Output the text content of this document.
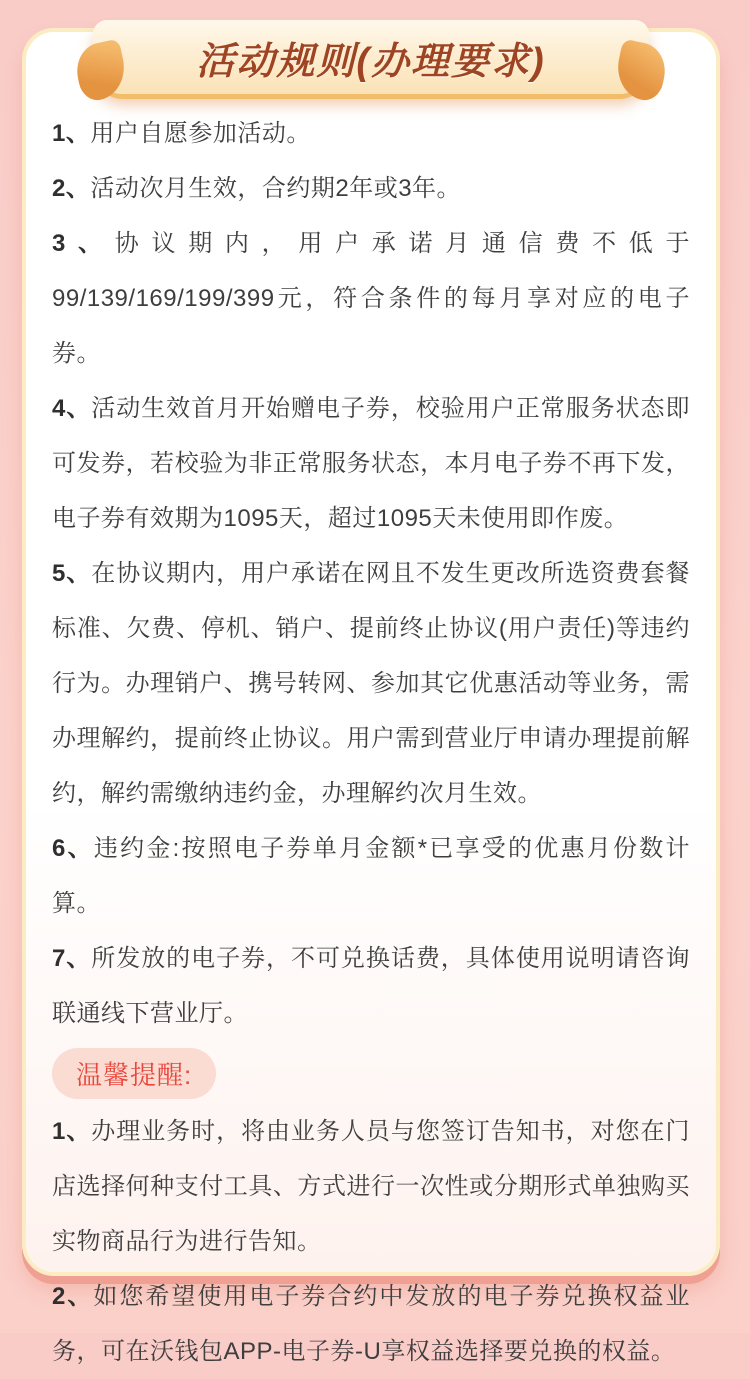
活动规则(办理要求)

1、用户自愿参加活动。

2、活动次月生效，合约期2年或3年。

3、协议期内，用户承诺月通信费不低于99/139/169/199/399元，符合条件的每月享对应的电子券。

4、活动生效首月开始赠电子券，校验用户正常服务状态即可发券，若校验为非正常服务状态，本月电子券不再下发，电子券有效期为1095天，超过1095天未使用即作废。

5、在协议期内，用户承诺在网且不发生更改所选资费套餐标准、欠费、停机、销户、提前终止协议(用户责任)等违约行为。办理销户、携号转网、参加其它优惠活动等业务，需办理解约，提前终止协议。用户需到营业厅申请办理提前解约，解约需缴纳违约金，办理解约次月生效。

6、违约金:按照电子券单月金额*已享受的优惠月份数计算。

7、所发放的电子券，不可兑换话费，具体使用说明请咨询联通线下营业厅。

温馨提醒:

1、办理业务时，将由业务人员与您签订告知书，对您在门店选择何种支付工具、方式进行一次性或分期形式单独购买实物商品行为进行告知。

2、如您希望使用电子券合约中发放的电子券兑换权益业务，可在沃钱包APP-电子券-U享权益选择要兑换的权益。
